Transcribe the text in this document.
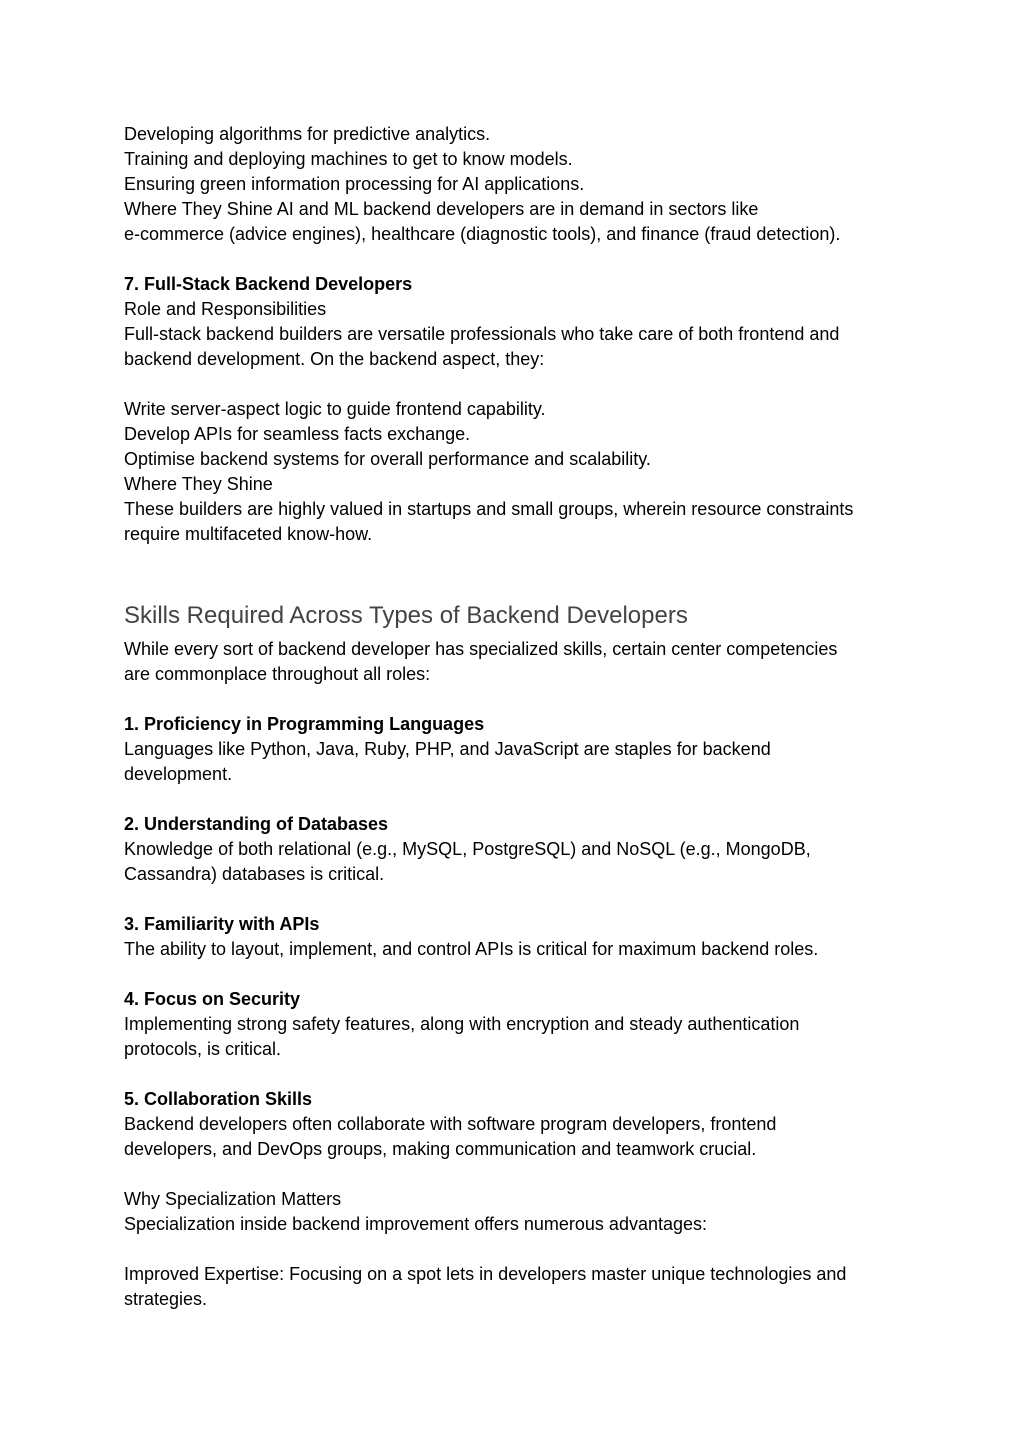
Developing algorithms for predictive analytics.
Training and deploying machines to get to know models.
Ensuring green information processing for AI applications.
Where They Shine AI and ML backend developers are in demand in sectors like
e-commerce (advice engines), healthcare (diagnostic tools), and finance (fraud detection).
7. Full-Stack Backend Developers
Role and Responsibilities
Full-stack backend builders are versatile professionals who take care of both frontend and
backend development. On the backend aspect, they:
Write server-aspect logic to guide frontend capability.
Develop APIs for seamless facts exchange.
Optimise backend systems for overall performance and scalability.
Where They Shine
These builders are highly valued in startups and small groups, wherein resource constraints
require multifaceted know-how.
Skills Required Across Types of Backend Developers
While every sort of backend developer has specialized skills, certain center competencies
are commonplace throughout all roles:
1. Proficiency in Programming Languages
Languages like Python, Java, Ruby, PHP, and JavaScript are staples for backend
development.
2. Understanding of Databases
Knowledge of both relational (e.g., MySQL, PostgreSQL) and NoSQL (e.g., MongoDB,
Cassandra) databases is critical.
3. Familiarity with APIs
The ability to layout, implement, and control APIs is critical for maximum backend roles.
4. Focus on Security
Implementing strong safety features, along with encryption and steady authentication
protocols, is critical.
5. Collaboration Skills
Backend developers often collaborate with software program developers, frontend
developers, and DevOps groups, making communication and teamwork crucial.
Why Specialization Matters
Specialization inside backend improvement offers numerous advantages:
Improved Expertise: Focusing on a spot lets in developers master unique technologies and
strategies.
